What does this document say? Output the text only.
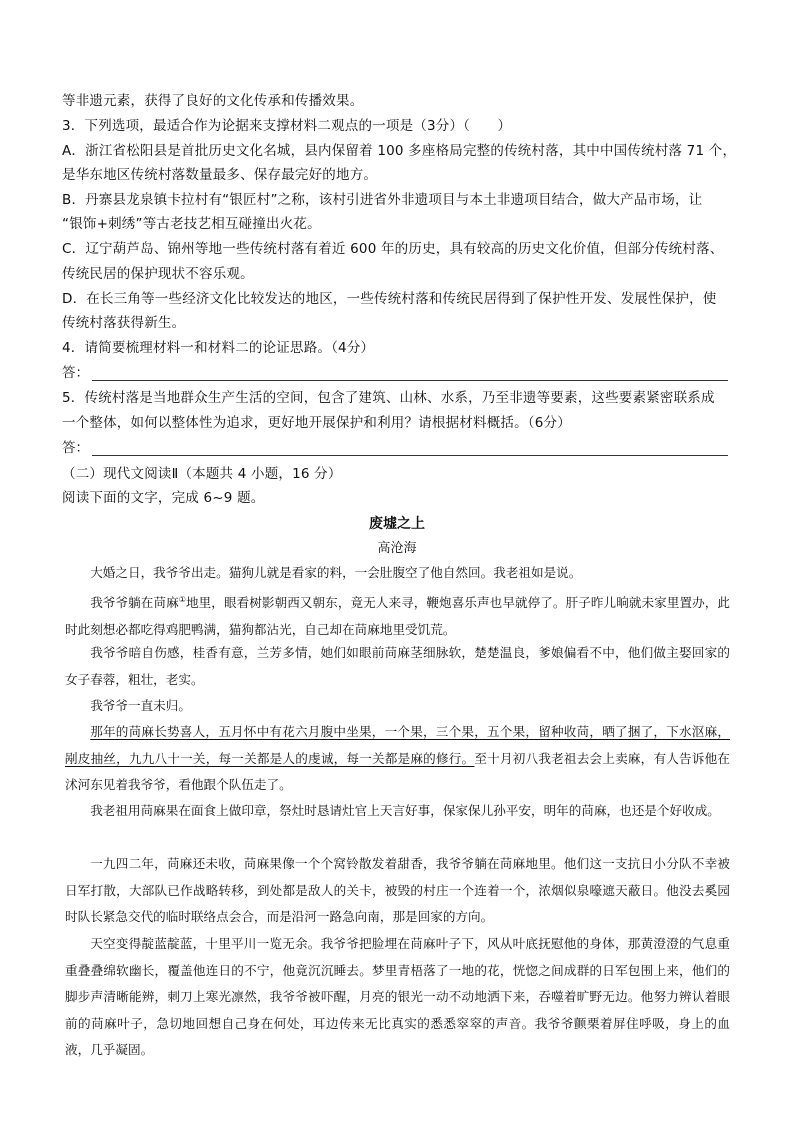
等非遗元素，获得了良好的文化传承和传播效果。
3．下列选项，最适合作为论据来支撑材料二观点的一项是（3分）（　　）
A．浙江省松阳县是首批历史文化名城，县内保留着 100 多座格局完整的传统村落，其中中国传统村落 71 个，
是华东地区传统村落数量最多、保存最完好的地方。
B．丹寨县龙泉镇卡拉村有“银匠村”之称，该村引进省外非遗项目与本土非遗项目结合，做大产品市场，让
“银饰+刺绣”等古老技艺相互碰撞出火花。
C．辽宁葫芦岛、锦州等地一些传统村落有着近 600 年的历史，具有较高的历史文化价值，但部分传统村落、
传统民居的保护现状不容乐观。
D．在长三角等一些经济文化比较发达的地区，一些传统村落和传统民居得到了保护性开发、发展性保护，使
传统村落获得新生。
4．请简要梳理材料一和材料二的论证思路。（4分）
答：
5．传统村落是当地群众生产生活的空间，包含了建筑、山林、水系，乃至非遗等要素，这些要素紧密联系成
一个整体，如何以整体性为追求，更好地开展保护和利用？请根据材料概括。（6分）
答：
（二）现代文阅读Ⅱ（本题共 4 小题，16 分）
阅读下面的文字，完成 6~9 题。
废墟之上
高沧海

大婚之日，我爷爷出走。猫狗儿就是看家的料，一会肚腹空了他自然回。我老祖如是说。

我爷爷躺在苘麻①地里，眼看树影朝西又朝东，竟无人来寻，鞭炮喜乐声也早就停了。肝子昨儿晌就未家里置办，此时此刻想必都吃得鸡肥鸭满，猫狗都沾光，自己却在苘麻地里受饥荒。

我爷爷暗自伤感，桂香有意，兰芳多情，她们如眼前苘麻茎细脉软，楚楚温良，爹娘偏看不中，他们做主娶回家的女子春蓉，粗壮，老实。

我爷爷一直未归。

那年的苘麻长势喜人，五月怀中有花六月腹中坐果，一个果，三个果，五个果，留种收苘，晒了捆了，下水沤麻，剐皮抽丝，九九八十一关，每一关都是人的虔诚，每一关都是麻的修行。至十月初八我老祖去会上卖麻，有人告诉他在沭河东见着我爷爷，看他跟个队伍走了。

我老祖用苘麻果在面食上做印章，祭灶时恳请灶官上天言好事，保家保儿孙平安，明年的苘麻，也还是个好收成。

一九四二年，苘麻还未收，苘麻果像一个个窝铃散发着甜香，我爷爷躺在苘麻地里。他们这一支抗日小分队不幸被日军打散，大部队已作战略转移，到处都是敌人的关卡，被毁的村庄一个连着一个，浓烟似泉嚎遮天蔽日。他没去奚园时队长紧急交代的临时联络点会合，而是沿河一路急向南，那是回家的方向。

天空变得靛蓝靛蓝，十里平川一览无余。我爷爷把脸埋在苘麻叶子下，风从叶底抚慰他的身体，那黄澄澄的气息重重叠叠绵软幽长，覆盖他连日的不宁，他竟沉沉睡去。梦里青梧落了一地的花，恍惚之间成群的日军包围上来，他们的脚步声清晰能辨，刺刀上寒光凛然，我爷爷被吓醒，月亮的银光一动不动地洒下来，吞噬着旷野无边。他努力辨认着眼前的苘麻叶子，急切地回想自己身在何处，耳边传来无比真实的悉悉窣窣的声音。我爷爷颤栗着屏住呼吸，身上的血液，几乎凝固。
